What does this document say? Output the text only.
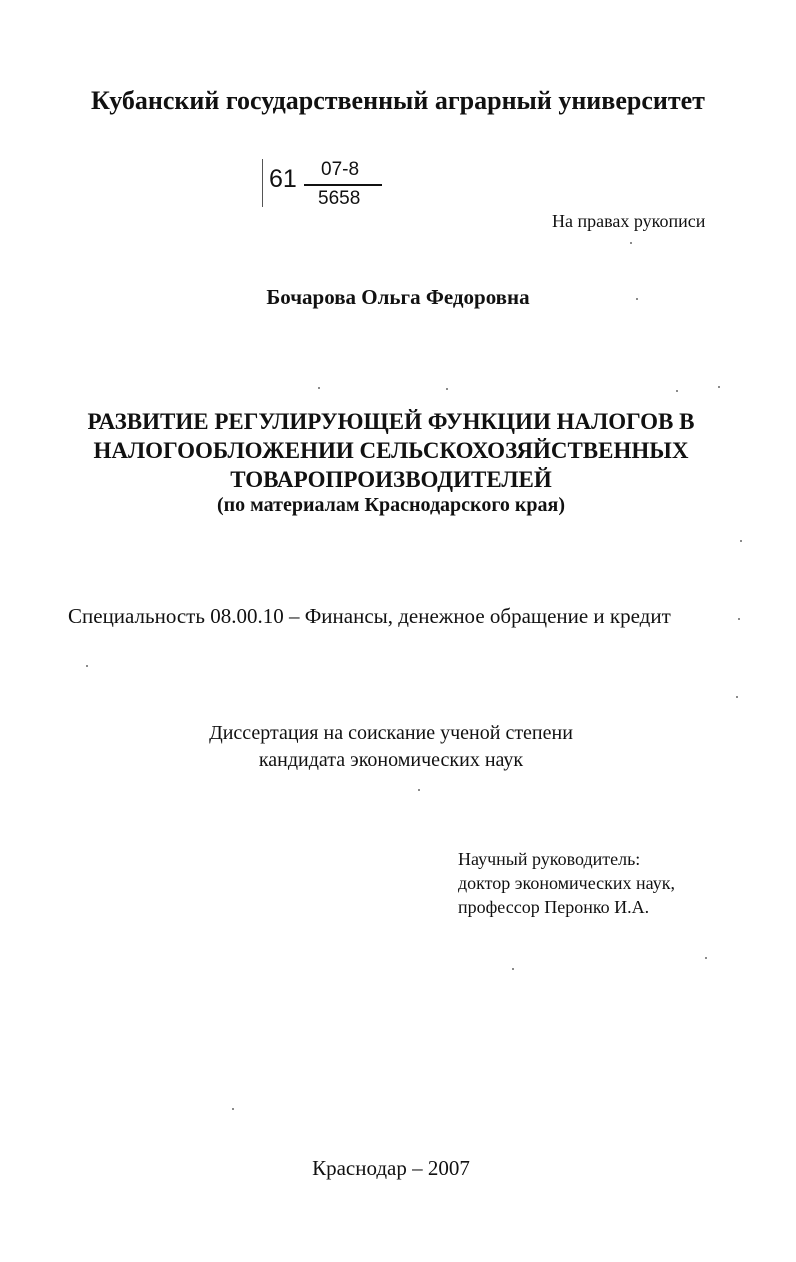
Кубанский государственный аграрный университет
61 07-8
5658
На правах рукописи
Бочарова Ольга Федоровна
РАЗВИТИЕ РЕГУЛИРУЮЩЕЙ ФУНКЦИИ НАЛОГОВ В
НАЛОГООБЛОЖЕНИИ СЕЛЬСКОХОЗЯЙСТВЕННЫХ
ТОВАРОПРОИЗВОДИТЕЛЕЙ
(по материалам Краснодарского края)
Специальность 08.00.10 – Финансы, денежное обращение и кредит
Диссертация на соискание ученой степени
кандидата экономических наук
Научный руководитель:
доктор экономических наук,
профессор Перонко И.А.
Краснодар – 2007
